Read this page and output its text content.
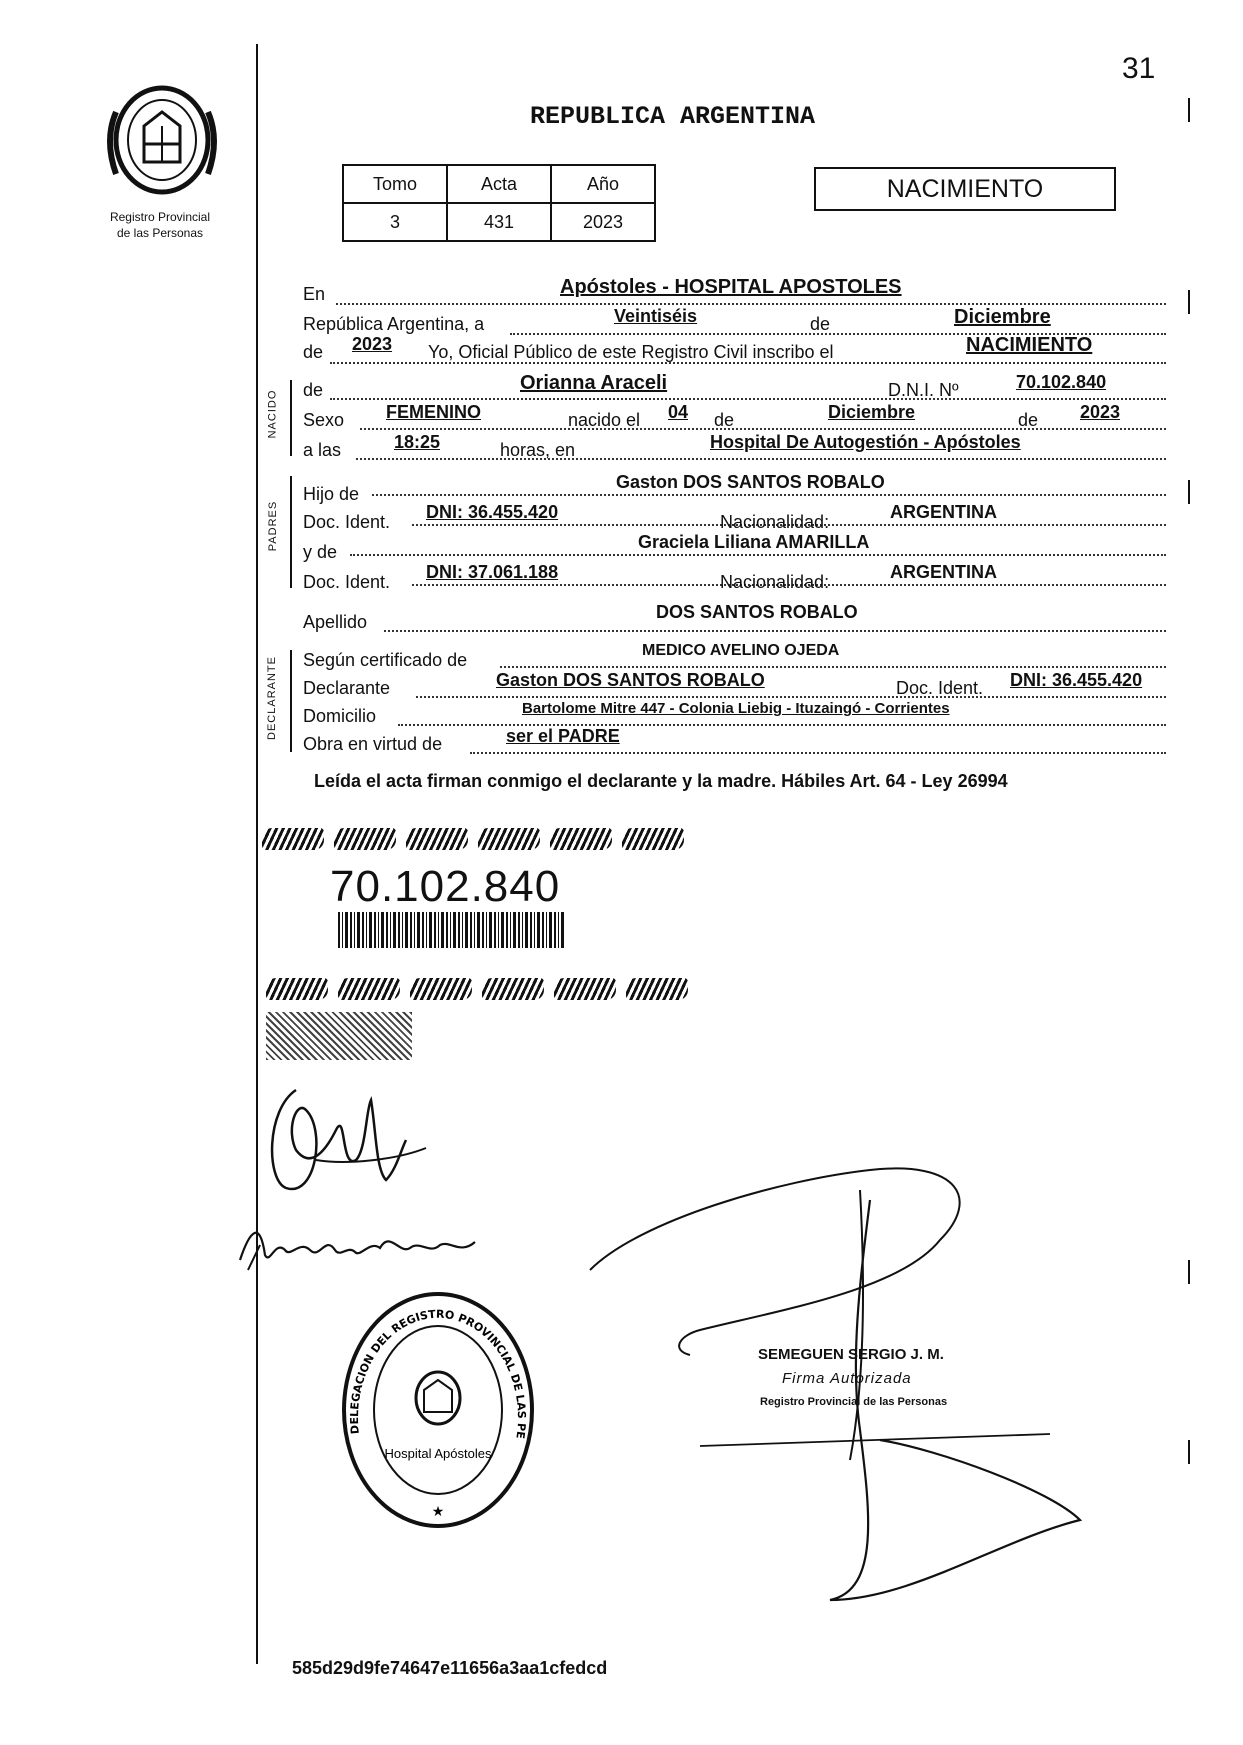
31
Registro Provincial
de las Personas
REPUBLICA ARGENTINA
Tomo	Acta	Año
3	431	2023
NACIMIENTO
En	Apóstoles - HOSPITAL APOSTOLES
República Argentina, a	Veintiséis	de	Diciembre
de 2023 Yo, Oficial Público de este Registro Civil inscribo el	NACIMIENTO
NACIDO de	Orianna Araceli	D.N.I. Nº	70.102.840
Sexo FEMENINO	nacido el 04 de	Diciembre	de 2023
a las	18:25	horas, en	Hospital De Autogestión - Apóstoles
PADRES
Hijo de
Gaston DOS SANTOS ROBALO
Doc. Ident. DNI: 36.455.420	Nacionalidad:	ARGENTINA
y de	Graciela Liliana AMARILLA
Doc. Ident. DNI: 37.061.188	Nacionalidad:	ARGENTINA
Apellido	DOS SANTOS ROBALO
DECLARANTE Según certificado de	MEDICO AVELINO OJEDA
Declarante	Gaston DOS SANTOS ROBALO	Doc. Ident. DNI: 36.455.420
Domicilio	Bartolome Mitre 447 - Colonia Liebig - Ituzaingó - Corrientes
Obra en virtud de	ser el PADRE
Leída el acta firman conmigo el declarante y la madre. Hábiles Art. 64 - Ley 26994
70.102.840
★
DELEGACION DEL REGISTRO PROVINCIAL DE LAS PE
Hospital Apóstoles
SEMEGUEN SERGIO J. M.
Firma Autorizada
Registro Provincial de las Personas
585d29d9fe74647e11656a3aa1cfedcd
